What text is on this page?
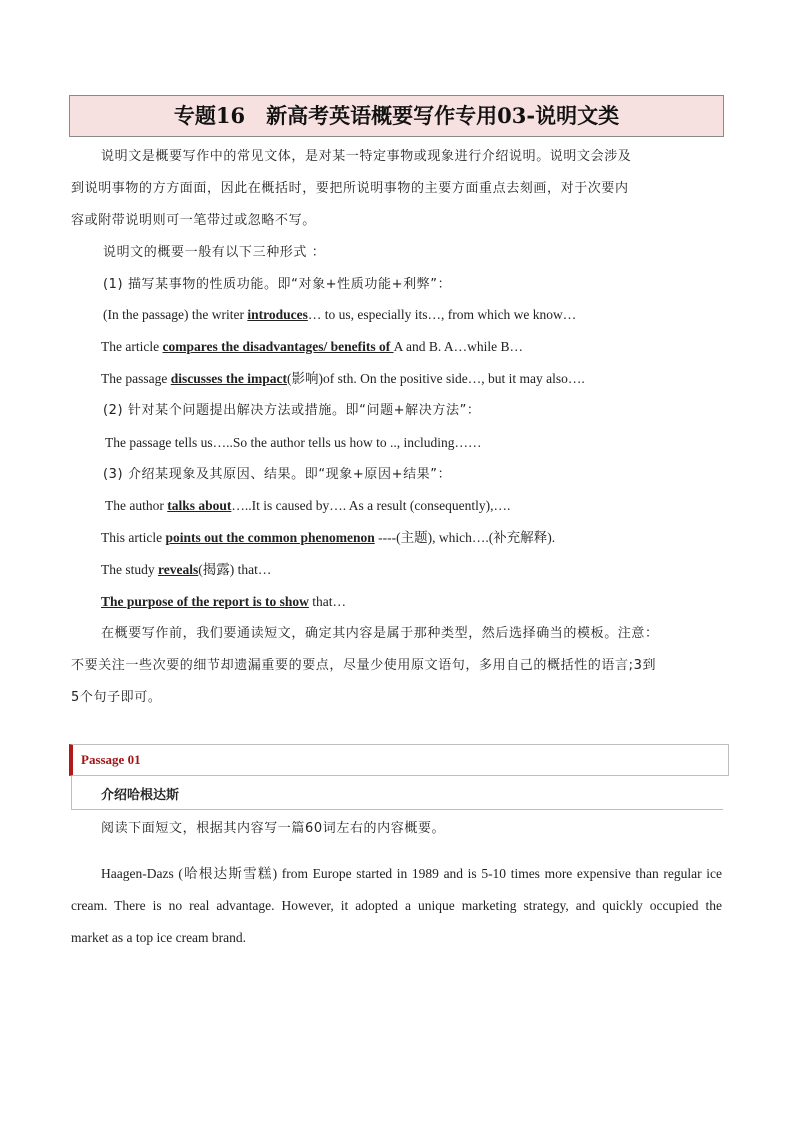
专题16　新高考英语概要写作专用03-说明文类
说明文是概要写作中的常见文体，是对某一特定事物或现象进行介绍说明。说明文会涉及
到说明事物的方方面面，因此在概括时，要把所说明事物的主要方面重点去刻画，对于次要内
容或附带说明则可一笔带过或忽略不写。
说明文的概要一般有以下三种形式 ：
(1) 描写某事物的性质功能。即“对象+性质功能+利弊”：
(In the passage) the writer introduces… to us, especially its…, from which we know…
The article compares the disadvantages/ benefits of A and B. A…while B…
The passage discusses the impact(影响)of sth. On the positive side…, but it may also….
(2) 针对某个问题提出解决方法或措施。即“问题+解决方法”：
The passage tells us…..So the author tells us how to .., including……
(3) 介绍某现象及其原因、结果。即“现象+原因+结果”：
The author talks about…..It is caused by…. As a result (consequently),….
This article points out the common phenomenon ----(主题), which….(补充解释).
The study reveals(揭露) that…
The purpose of the report is to show that…
在概要写作前，我们要通读短文，确定其内容是属于那种类型，然后选择确当的模板。注意：
不要关注一些次要的细节却遗漏重要的要点，尽量少使用原文语句，多用自己的概括性的语言;3到
5个句子即可。
Passage 01
介绍哈根达斯
阅读下面短文，根据其内容写一篇60词左右的内容概要。
Haagen-Dazs (哈根达斯雪糕) from Europe started in 1989 and is 5-10 times more expensive than regular ice
cream. There is no real advantage. However, it adopted a unique marketing strategy, and quickly occupied the
market as a top ice cream brand.
